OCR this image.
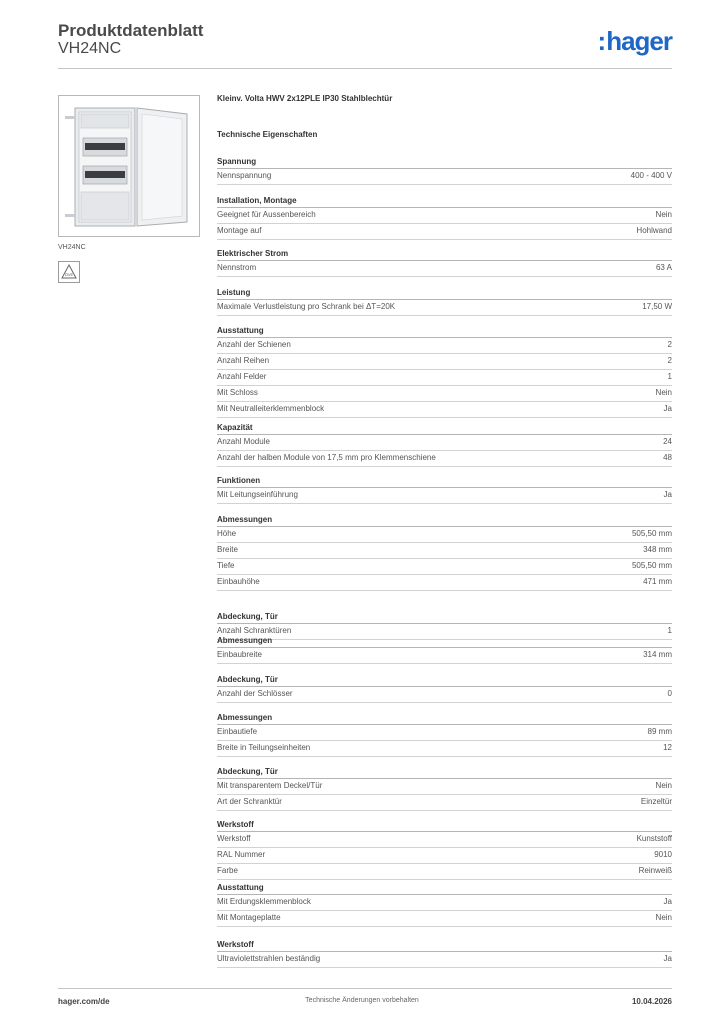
Produktdatenblatt
VH24NC	:hager
VH24NC
ÖVE
Kleinv. Volta HWV 2x12PLE IP30 Stahlblechtür
Technische Eigenschaften
Spannung
Nennspannung	400 - 400 V
Installation, Montage
Geeignet für Aussenbereich	Nein
Montage auf	Hohlwand
Elektrischer Strom
Nennstrom	63 A
Leistung
Maximale Verlustleistung pro Schrank bei ΔT=20K	17,50 W
Ausstattung
Anzahl der Schienen	2
Anzahl Reihen	2
Anzahl Felder	1
Mit Schloss	Nein
Mit Neutralleiterklemmenblock	Ja
Kapazität
Anzahl Module	24
Anzahl der halben Module von 17,5 mm pro Klemmenschiene	48
Funktionen
Mit Leitungseinführung	Ja
Abmessungen
Höhe	505,50 mm
Breite	348 mm
Tiefe	505,50 mm
Einbauhöhe	471 mm
Abdeckung, Tür
Anzahl Schranktüren	1
Abmessungen
Einbaubreite	314 mm
Abdeckung, Tür
Anzahl der Schlösser	0
Abmessungen
Einbautiefe	89 mm
Breite in Teilungseinheiten	12
Abdeckung, Tür
Mit transparentem Deckel/Tür	Nein
Art der Schranktür	Einzeltür
Werkstoff
Werkstoff	Kunststoff
RAL Nummer	9010
Farbe	Reinweiß
Ausstattung
Mit Erdungsklemmenblock	Ja
Mit Montageplatte	Nein
Werkstoff
Ultraviolettstrahlen beständig	Ja
hager.com/de	Technische Änderungen vorbehalten	10.04.2026
